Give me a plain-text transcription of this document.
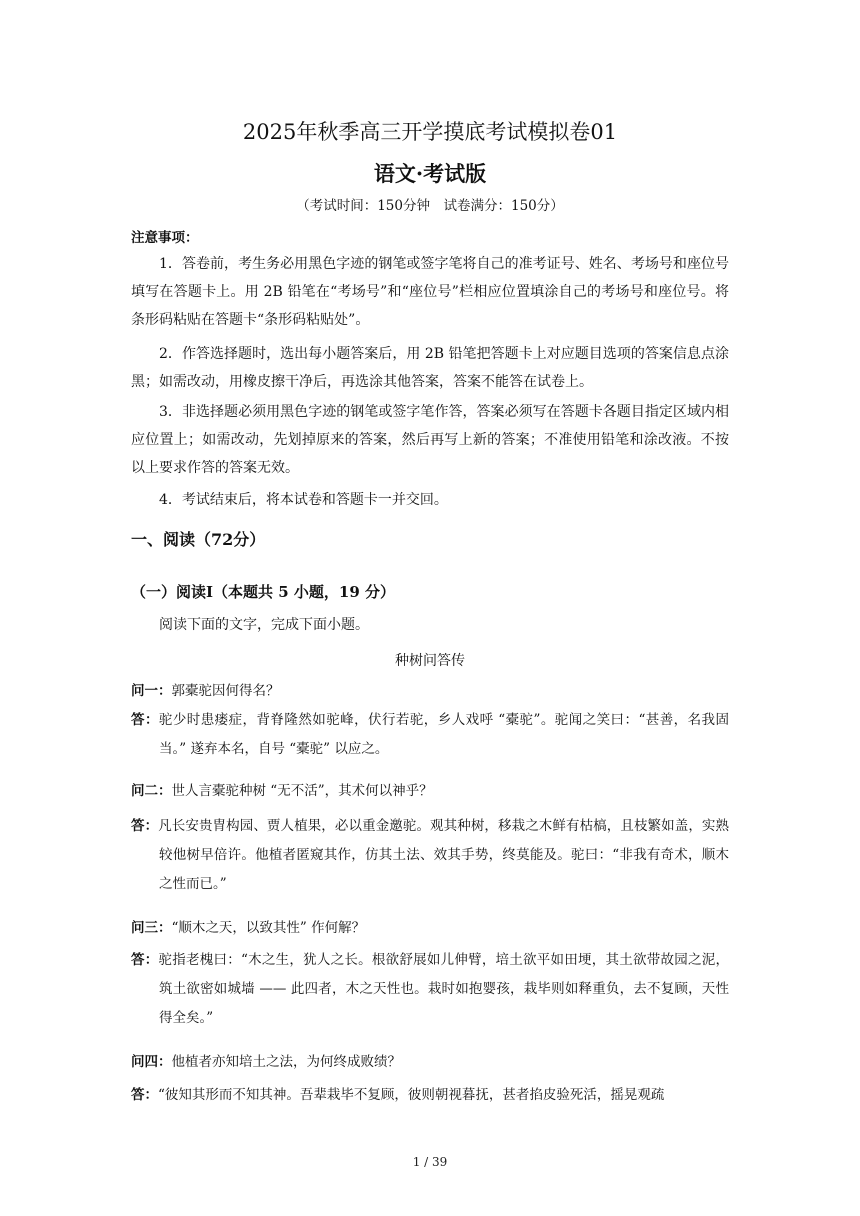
2025年秋季高三开学摸底考试模拟卷01
语文·考试版
（考试时间：150分钟　试卷满分：150分）
注意事项：
1．答卷前，考生务必用黑色字迹的钢笔或签字笔将自己的准考证号、姓名、考场号和座位号填写在答题卡上。用 2B 铅笔在“考场号”和“座位号”栏相应位置填涂自己的考场号和座位号。将条形码粘贴在答题卡“条形码粘贴处”。
2．作答选择题时，选出每小题答案后，用 2B 铅笔把答题卡上对应题目选项的答案信息点涂黑；如需改动，用橡皮擦干净后，再选涂其他答案，答案不能答在试卷上。
3．非选择题必须用黑色字迹的钢笔或签字笔作答，答案必须写在答题卡各题目指定区域内相应位置上；如需改动，先划掉原来的答案，然后再写上新的答案；不准使用铅笔和涂改液。不按以上要求作答的答案无效。
4．考试结束后，将本试卷和答题卡一并交回。
一、阅读（72分）
（一）阅读I（本题共 5 小题，19 分）
阅读下面的文字，完成下面小题。
种树问答传
问一：郭橐驼因何得名？
答：驼少时患瘘症，背脊隆然如驼峰，伏行若驼，乡人戏呼 “橐驼”。驼闻之笑曰：“甚善，名我固当。” 遂弃本名，自号 “橐驼” 以应之。
问二：世人言橐驼种树 “无不活”，其术何以神乎？
答：凡长安贵胄构园、贾人植果，必以重金邀驼。观其种树，移栽之木鲜有枯槁，且枝繁如盖，实熟较他树早倍许。他植者匿窥其作，仿其土法、效其手势，终莫能及。驼曰：“非我有奇术，顺木之性而已。”
问三：“顺木之天，以致其性” 作何解？
答：驼指老槐曰：“木之生，犹人之长。根欲舒展如儿伸臂，培土欲平如田埂，其土欲带故园之泥，筑土欲密如城墙 —— 此四者，木之天性也。栽时如抱婴孩，栽毕则如释重负，去不复顾，天性得全矣。”
问四：他植者亦知培土之法，为何终成败绩？
答：“彼知其形而不知其神。吾辈栽毕不复顾，彼则朝视暮抚，甚者掐皮验死活，摇晃观疏
1 / 39
